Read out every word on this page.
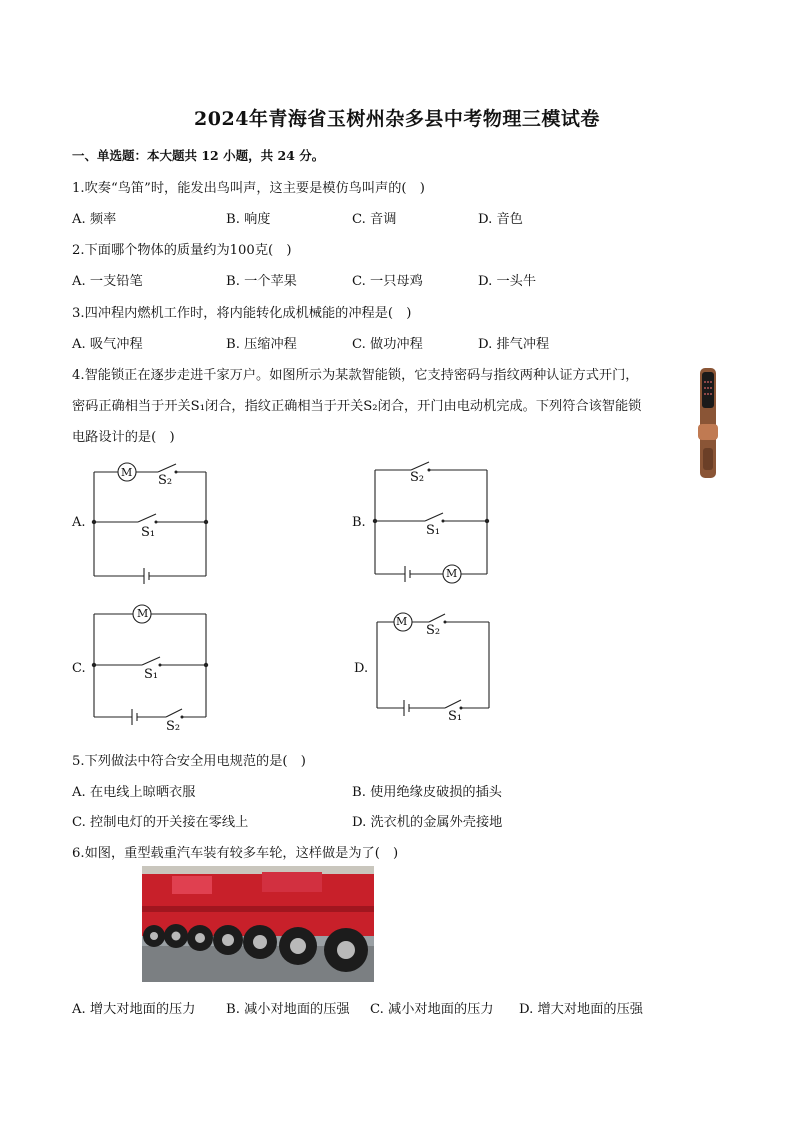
2024年青海省玉树州杂多县中考物理三模试卷
一、单选题：本大题共 12 小题，共 24 分。
1.吹奏“鸟笛”时，能发出鸟叫声，这主要是模仿鸟叫声的(　)
A. 频率	B. 响度	C. 音调	D. 音色
2.下面哪个物体的质量约为100克(　)
A. 一支铅笔	B. 一个苹果	C. 一只母鸡	D. 一头牛
3.四冲程内燃机工作时，将内能转化成机械能的冲程是(　)
A. 吸气冲程	B. 压缩冲程	C. 做功冲程	D. 排气冲程
4.智能锁正在逐步走进千家万户。如图所示为某款智能锁，它支持密码与指纹两种认证方式开门，
密码正确相当于开关S₁闭合，指纹正确相当于开关S₂闭合，开门由电动机完成。下列符合该智能锁
电路设计的是(　)
A.
M
S₂
S₁
B.
S₂
S₁
M
C.
M
S₁
S₂
D.
M
S₂
S₁
5.下列做法中符合安全用电规范的是(　)
A. 在电线上晾晒衣服	B. 使用绝缘皮破损的插头
C. 控制电灯的开关接在零线上	D. 洗衣机的金属外壳接地
6.如图，重型载重汽车装有较多车轮，这样做是为了(　)
A. 增大对地面的压力 B. 减小对地面的压强 C. 减小对地面的压力 D. 增大对地面的压强
